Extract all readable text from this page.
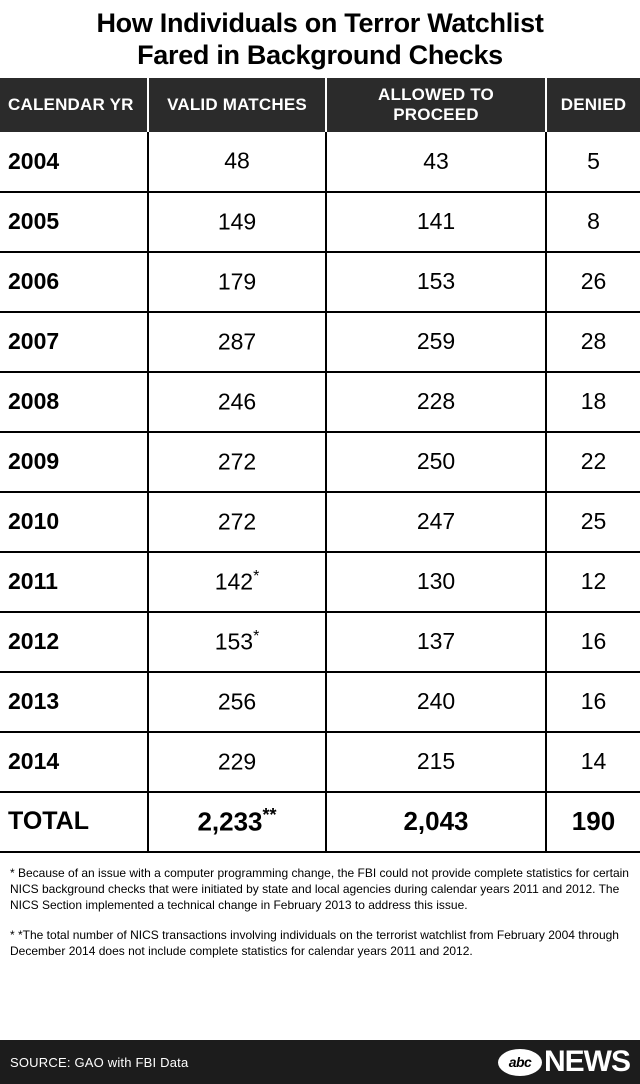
How Individuals on Terror Watchlist
Fared in Background Checks
CALENDAR YR	VALID MATCHES	ALLOWED TO PROCEED	DENIED
2004	48	43	5
2005	149	141	8
2006	179	153	26
2007	287	259	28
2008	246	228	18
2009	272	250	22
2010	272	247	25
2011	142*	130	12
2012	153*	137	16
2013	256	240	16
2014	229	215	14
TOTAL	2,233**	2,043	190
* Because of an issue with a computer programming change, the FBI could not provide complete statistics for certain NICS background checks that were initiated by state and local agencies during calendar years 2011 and 2012. The NICS Section implemented a technical change in February 2013 to address this issue.
* *The total number of NICS transactions involving individuals on the terrorist watchlist from February 2004 through December 2014 does not include complete statistics for calendar years 2011 and 2012.
SOURCE: GAO with FBI Data	abc NEWS
